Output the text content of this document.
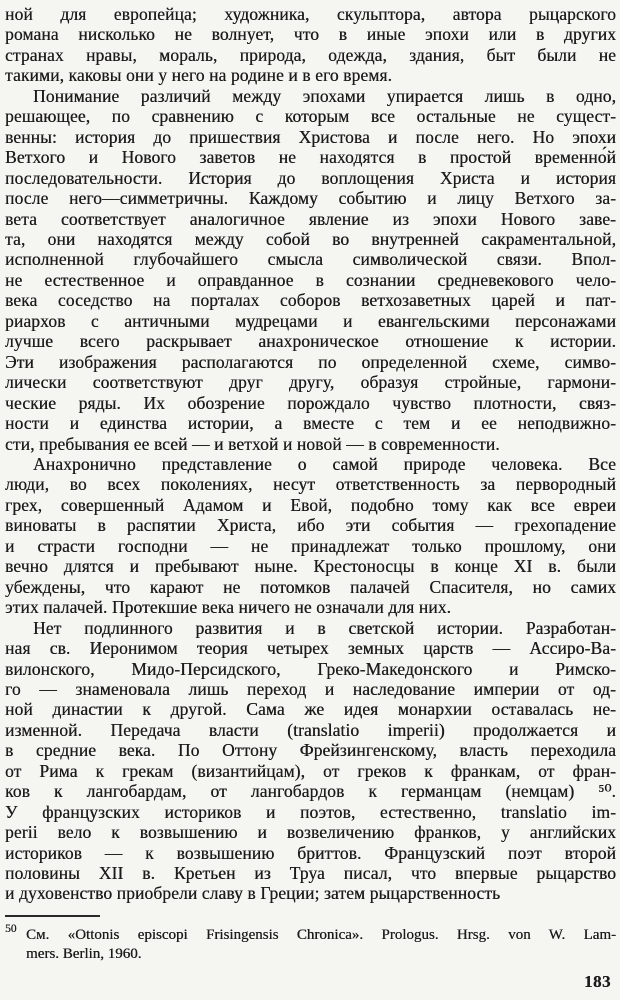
ной для европейца; художника, скульптора, автора рыцарского
романа нисколько не волнует, что в иные эпохи или в других
странах нравы, мораль, природа, одежда, здания, быт были не
такими, каковы они у него на родине и в его время.
Понимание различий между эпохами упирается лишь в одно,
решающее, по сравнению с которым все остальные не сущест-
венны: история до пришествия Христова и после него. Но эпохи
Ветхого и Нового заветов не находятся в простой временно́й
последовательности. История до воплощения Христа и история
после него—симметричны. Каждому событию и лицу Ветхого за-
вета соответствует аналогичное явление из эпохи Нового заве-
та, они находятся между собой во внутренней сакраментальной,
исполненной глубочайшего смысла символической связи. Впол-
не естественное и оправданное в сознании средневекового чело-
века соседство на порталах соборов ветхозаветных царей и пат-
риархов с античными мудрецами и евангельскими персонажами
лучше всего раскрывает анахроническое отношение к истории.
Эти изображения располагаются по определенной схеме, симво-
лически соответствуют друг другу, образуя стройные, гармони-
ческие ряды. Их обозрение порождало чувство плотности, связ-
ности и единства истории, а вместе с тем и ее неподвижно-
сти, пребывания ее всей — и ветхой и новой — в современности.
Анахронично представление о самой природе человека. Все
люди, во всех поколениях, несут ответственность за первородный
грех, совершенный Адамом и Евой, подобно тому как все евреи
виноваты в распятии Христа, ибо эти события — грехопадение
и страсти господни — не принадлежат только прошлому, они
вечно длятся и пребывают ныне. Крестоносцы в конце XI в. были
убеждены, что карают не потомков палачей Спасителя, но самих
этих палачей. Протекшие века ничего не означали для них.
Нет подлинного развития и в светской истории. Разработан-
ная св. Иеронимом теория четырех земных царств — Ассиро-Ва-
вилонского, Мидо-Персидского, Греко-Македонского и Римско-
го — знаменовала лишь переход и наследование империи от од-
ной династии к другой. Сама же идея монархии оставалась не-
изменной. Передача власти (translatio imperii) продолжается и
в средние века. По Оттону Фрейзингенскому, власть переходила
от Рима к грекам (византийцам), от греков к франкам, от фран-
ков к лангобардам, от лангобардов к германцам (немцам) ⁵⁰.
У французских историков и поэтов, естественно, translatio im-
perii вело к возвышению и возвеличению франков, у английских
историков — к возвышению бриттов. Французский поэт второй
половины XII в. Кретьен из Труа писал, что впервые рыцарство
и духовенство приобрели славу в Греции; затем рыцарственность
50 См. «Ottonis episcopi Frisingensis Chronica». Prologus. Hrsg. von W. Lam-
mers. Berlin, 1960.
183
